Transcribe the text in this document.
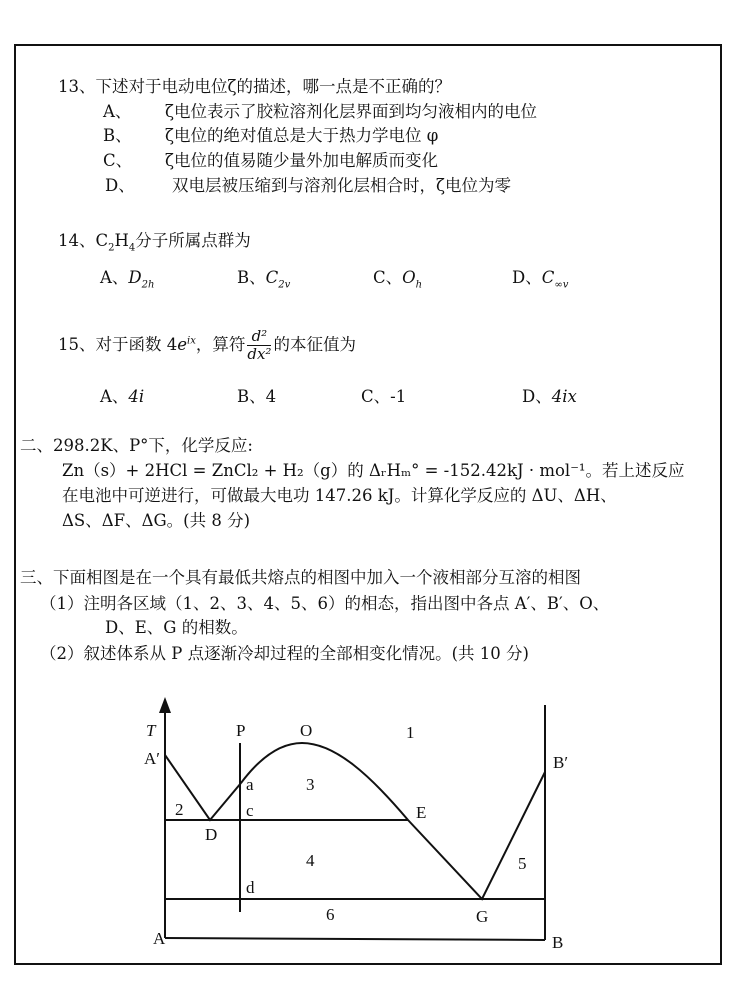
13、下述对于电动电位ζ的描述，哪一点是不正确的？
A、 ζ电位表示了胶粒溶剂化层界面到均匀液相内的电位
B、 ζ电位的绝对值总是大于热力学电位 φ
C、 ζ电位的值易随少量外加电解质而变化
D、 双电层被压缩到与溶剂化层相合时，ζ电位为零
14、$C_2H_4$分子所属点群为
A、$D_{2h}$	B、$C_{2v}$	C、$O_h$	D、$C_{\infty v}$
15、对于函数 $4e^{ix}$，算符 $\frac{\text{d²}}{\text{dx²}}$ 的本征值为
A、4i	B、4	C、-1	D、4ix
二、298.2K、P°下，化学反应:
Zn（s）+ 2HCl = ZnCl₂ + H₂（g）的 ΔᵣHₘ° = -152.42kJ · mol⁻¹。若上述反应
在电池中可逆进行，可做最大电功 147.26 kJ。计算化学反应的 ΔU、ΔH、
ΔS、ΔF、ΔG。(共 8 分)
三、下面相图是在一个具有最低共熔点的相图中加入一个液相部分互溶的相图
（1）注明各区域（1、2、3、4、5、6）的相态，指出图中各点 A′、B′、O、
D、E、G 的相数。
（2）叙述体系从 P 点逐渐冷却过程的全部相变化情况。(共 10 分)
T
A′	B′
A	B
P	O
a
c
d
D
E
G
1
2
3
4	5
6
